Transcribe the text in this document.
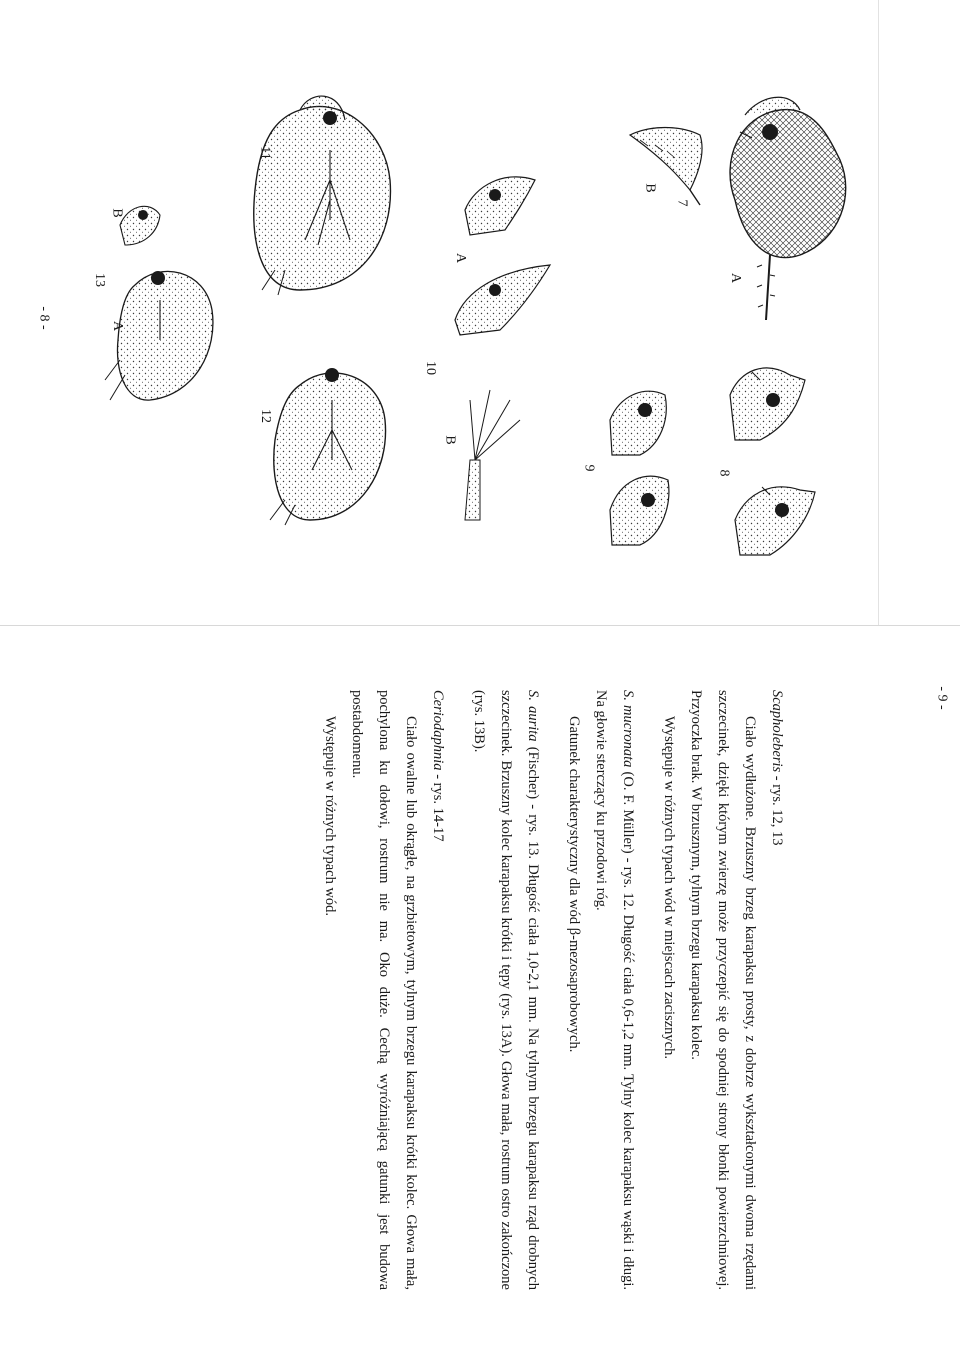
A
7
B
8
9
A
10
B
11
12
B
13
A
- 8 -
- 9 -

Scapholeberis - rys. 12, 13

Ciało wydłużone. Brzuszny brzeg karapaksu prosty, z dobrze wykształconymi dwoma rzędami szczecinek, dzięki którym zwierzę może przyczepić się do spodniej strony błonki powierzchniowej. Przyoczka brak. W brzusznym, tylnym brzegu karapaksu kolec.

Występuje w różnych typach wód w miejscach zacisznych.

S. mucronata (O. F. Müller) - rys. 12. Długość ciała 0,6-1,2 mm. Tylny kolec karapaksu wąski i długi. Na głowie sterczący ku przodowi róg.

Gatunek charakterystyczny dla wód β-mezosaprobowych.

S. aurita (Fischer) - rys. 13. Długość ciała 1,0-2,1 mm. Na tylnym brzegu karapaksu rząd drobnych szczecinek. Brzuszny kolec karapaksu krótki i tępy (rys. 13A). Głowa mała, rostrum ostro zakończone (rys. 13B).

Ceriodaphnia - rys. 14-17

Ciało owalne lub okrągłe, na grzbietowym, tylnym brzegu karapaksu krótki kolec. Głowa mała, pochylona ku dołowi, rostrum nie ma. Oko duże. Cechą wyróżniającą gatunki jest budowa postabdomenu.

Występuje w różnych typach wód.
